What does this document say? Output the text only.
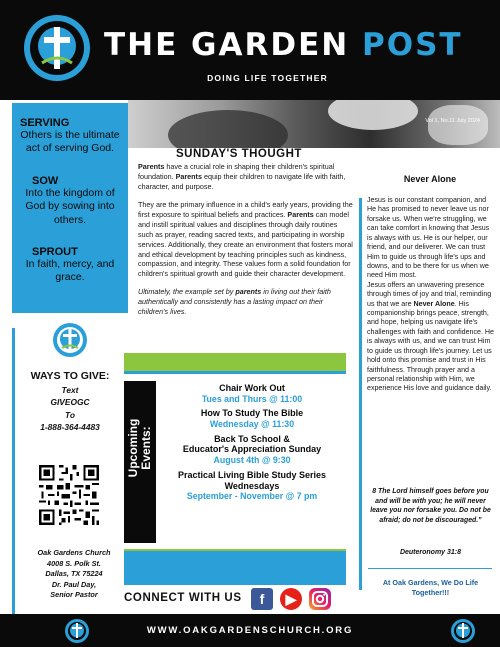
THE GARDEN POST
DOING LIFE TOGETHER
Vol 1, No.11 July 2024
SERVING
Others is the ultimate act of serving God.
SOW
Into the kingdom of God by sowing into others.
SPROUT
In faith, mercy, and grace.
SUNDAY'S THOUGHT

Parents have a crucial role in shaping their children's spiritual foundation. Parents equip their children to navigate life with faith, character, and purpose.

They are the primary influence in a child's early years, providing the first exposure to spiritual beliefs and practices. Parents can model and instill spiritual values and disciplines through daily routines such as prayer, reading sacred texts, and participating in worship services. Additionally, they create an environment that fosters moral and ethical development by teaching principles such as kindness, compassion, and integrity. These values form a solid foundation for children's spiritual growth and guide their character development.

Ultimately, the example set by parents in living out their faith authentically and consistently has a lasting impact on their children's lives.

Never Alone
Jesus is our constant companion, and He has promised to never leave us nor forsake us. When we're struggling, we can take comfort in knowing that Jesus is always with us. He is our helper, our friend, and our deliverer. We can trust Him to guide us through life's ups and downs, and to be there for us when we need Him most.
Jesus offers an unwavering presence through times of joy and trial, reminding us that we are Never Alone. His companionship brings peace, strength, and hope, helping us navigate life's challenges with faith and confidence. He is always with us, and we can trust Him to guide us through life's journey. Let us hold onto this promise and trust in His faithfulness. Through prayer and a personal relationship with Him, we experience His love and guidance daily.
8 The Lord himself goes before you and will be with you; he will never leave you nor forsake you. Do not be afraid; do not be discouraged.”
Deuteronomy 31:8
At Oak Gardens, We Do Life Together!!!
WAYS TO GIVE:
Text
GIVEOGC
To
1-888-364-4483
Oak Gardens Church
4008 S. Polk St.
Dallas, TX 75224
Dr. Paul Day,
Senior Pastor
Upcoming
Events:
Chair Work Out
Tues and Thurs @ 11:00
How To Study The Bible
Wednesday @ 11:30
Back To School &
Educator's Appreciation Sunday
August 4th @ 9:30
Practical Living Bible Study Series
Wednesdays
September - November @ 7 pm
CONNECT WITH US	f	▶
WWW.OAKGARDENSCHURCH.ORG
